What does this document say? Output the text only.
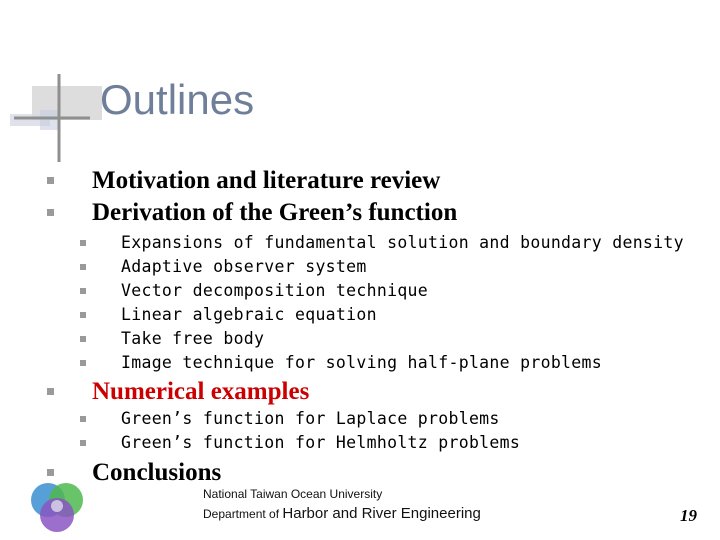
Outlines
Motivation and literature review
Derivation of the Green’s function
Expansions of fundamental solution and boundary density
Adaptive observer system
Vector decomposition technique
Linear algebraic equation
Take free body
Image technique for solving half-plane problems
Numerical examples
Green’s function for Laplace problems
Green’s function for Helmholtz problems
Conclusions
National Taiwan Ocean University
Department of Harbor and River Engineering	19
